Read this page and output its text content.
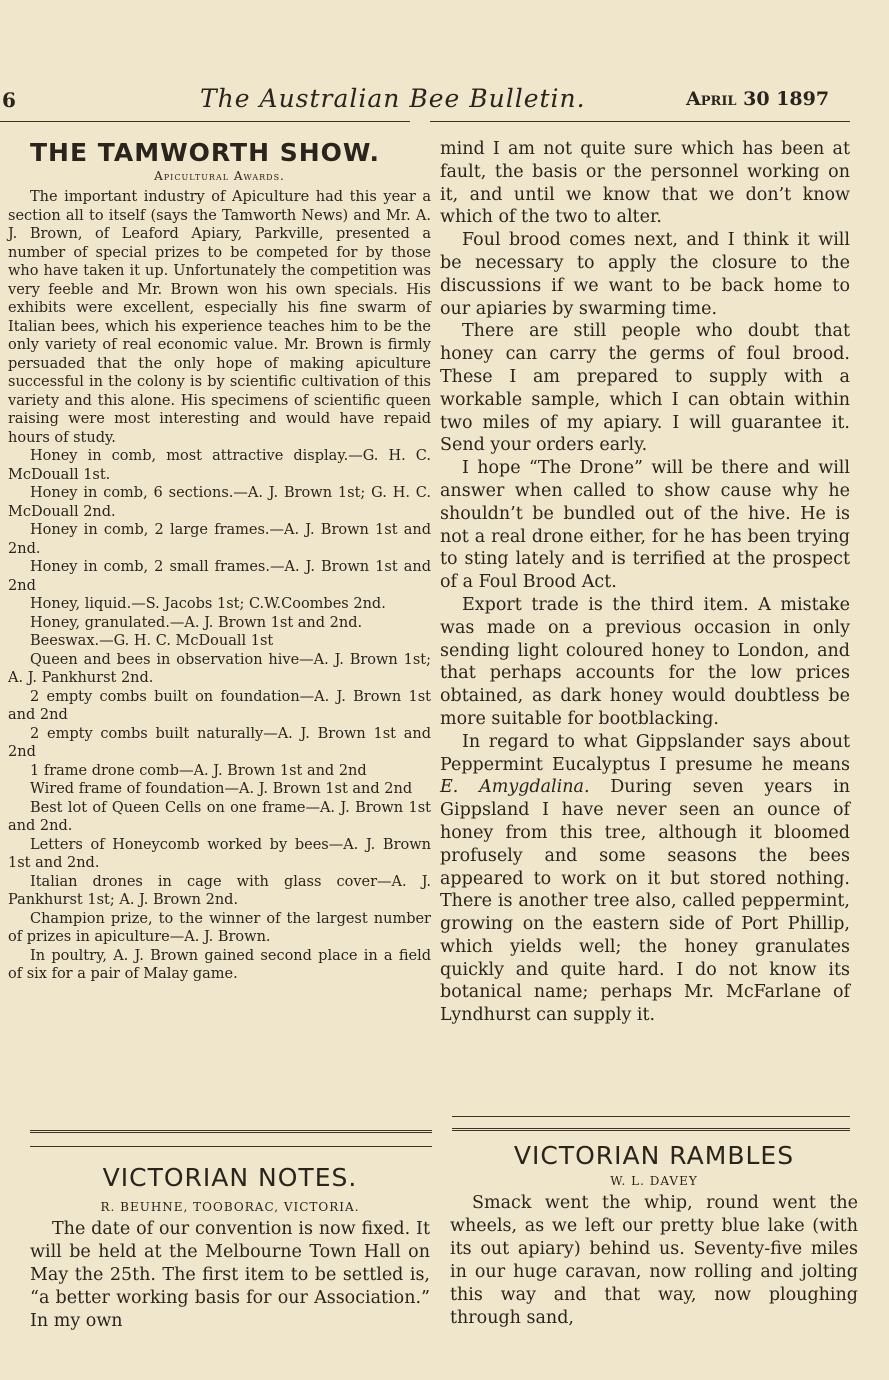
6	The Australian Bee Bulletin.	April 30 1897
THE TAMWORTH SHOW.
Apicultural Awards.

The important industry of Apiculture had this year a section all to itself (says the Tamworth News) and Mr. A. J. Brown, of Leaford Apiary, Parkville, presented a number of special prizes to be competed for by those who have taken it up. Unfortunately the competition was very feeble and Mr. Brown won his own specials. His exhibits were excellent, especially his fine swarm of Italian bees, which his experience teaches him to be the only variety of real economic value. Mr. Brown is firmly persuaded that the only hope of making apiculture successful in the colony is by scientific cultivation of this variety and this alone. His specimens of scientific queen raising were most interesting and would have repaid hours of study.

Honey in comb, most attractive display.—G. H. C. McDouall 1st.

Honey in comb, 6 sections.—A. J. Brown 1st; G. H. C. McDouall 2nd.

Honey in comb, 2 large frames.—A. J. Brown 1st and 2nd.

Honey in comb, 2 small frames.—A. J. Brown 1st and 2nd

Honey, liquid.—S. Jacobs 1st; C.W.Coombes 2nd.

Honey, granulated.—A. J. Brown 1st and 2nd.

Beeswax.—G. H. C. McDouall 1st

Queen and bees in observation hive—A. J. Brown 1st; A. J. Pankhurst 2nd.

2 empty combs built on foundation—A. J. Brown 1st and 2nd

2 empty combs built naturally—A. J. Brown 1st and 2nd

1 frame drone comb—A. J. Brown 1st and 2nd

Wired frame of foundation—A. J. Brown 1st and 2nd

Best lot of Queen Cells on one frame—A. J. Brown 1st and 2nd.

Letters of Honeycomb worked by bees—A. J. Brown 1st and 2nd.

Italian drones in cage with glass cover—A. J. Pankhurst 1st; A. J. Brown 2nd.

Champion prize, to the winner of the largest number of prizes in apiculture—A. J. Brown.

In poultry, A. J. Brown gained second place in a field of six for a pair of Malay game.

mind I am not quite sure which has been at fault, the basis or the personnel working on it, and until we know that we don’t know which of the two to alter.

Foul brood comes next, and I think it will be necessary to apply the closure to the discussions if we want to be back home to our apiaries by swarming time.

There are still people who doubt that honey can carry the germs of foul brood. These I am prepared to supply with a workable sample, which I can obtain within two miles of my apiary. I will guarantee it. Send your orders early.

I hope “The Drone” will be there and will answer when called to show cause why he shouldn’t be bundled out of the hive. He is not a real drone either, for he has been trying to sting lately and is terrified at the prospect of a Foul Brood Act.

Export trade is the third item. A mistake was made on a previous occasion in only sending light coloured honey to London, and that perhaps accounts for the low prices obtained, as dark honey would doubtless be more suitable for bootblacking.

In regard to what Gippslander says about Peppermint Eucalyptus I presume he means E. Amygdalina. During seven years in Gippsland I have never seen an ounce of honey from this tree, although it bloomed profusely and some seasons the bees appeared to work on it but stored nothing. There is another tree also, called peppermint, growing on the eastern side of Port Phillip, which yields well; the honey granulates quickly and quite hard. I do not know its botanical name; perhaps Mr. McFarlane of Lyndhurst can supply it.

VICTORIAN NOTES.
R. BEUHNE, TOOBORAC, VICTORIA.

The date of our convention is now fixed. It will be held at the Melbourne Town Hall on May the 25th. The first item to be settled is, “a better working basis for our Association.” In my own

VICTORIAN RAMBLES
W. L. DAVEY

Smack went the whip, round went the wheels, as we left our pretty blue lake (with its out apiary) behind us. Seventy-five miles in our huge caravan, now rolling and jolting this way and that way, now ploughing through sand,
